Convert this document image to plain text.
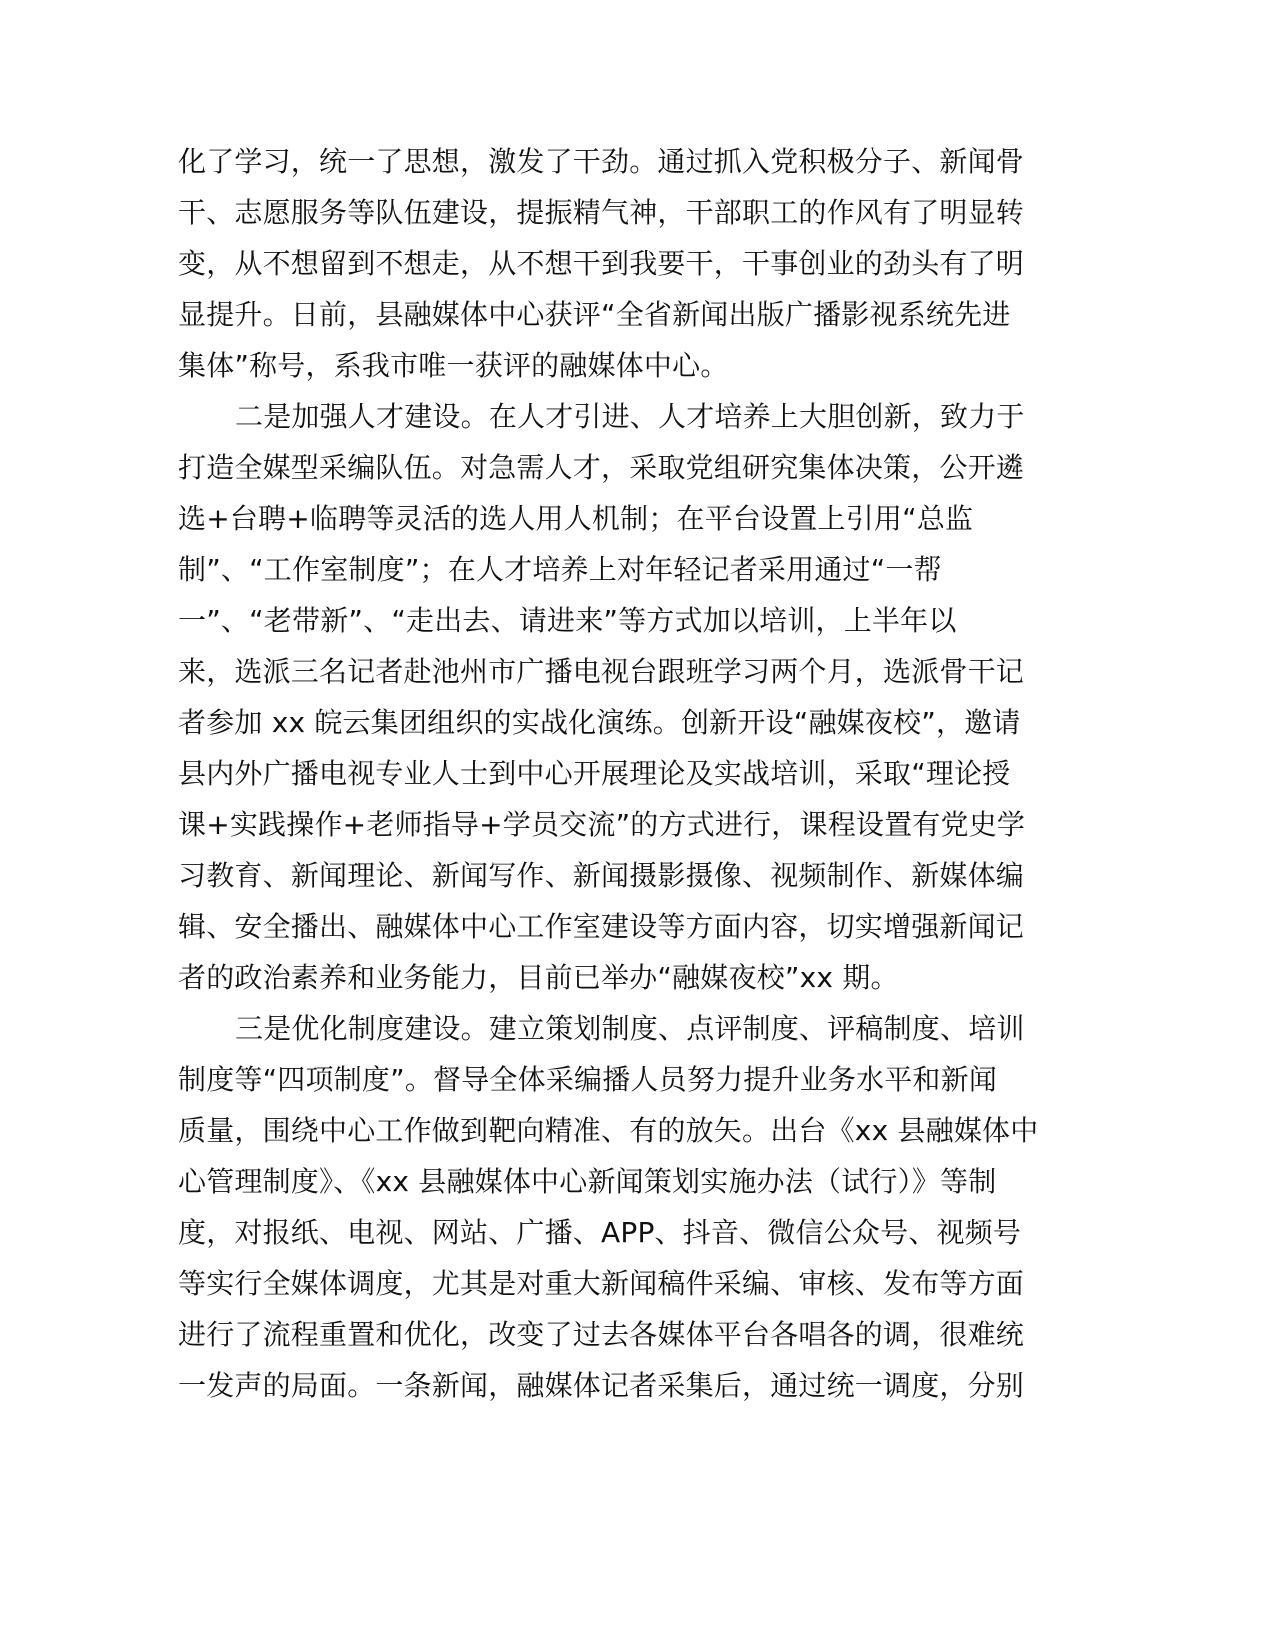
化了学习，统一了思想，激发了干劲。通过抓入党积极分子、新闻骨
干、志愿服务等队伍建设，提振精气神，干部职工的作风有了明显转
变，从不想留到不想走，从不想干到我要干，干事创业的劲头有了明
显提升。日前，县融媒体中心获评“全省新闻出版广播影视系统先进
集体”称号，系我市唯一获评的融媒体中心。
二是加强人才建设。在人才引进、人才培养上大胆创新，致力于
打造全媒型采编队伍。对急需人才，采取党组研究集体决策，公开遴
选+台聘+临聘等灵活的选人用人机制；在平台设置上引用“总监
制”、“工作室制度”；在人才培养上对年轻记者采用通过“一帮
一”、“老带新”、“走出去、请进来”等方式加以培训，上半年以
来，选派三名记者赴池州市广播电视台跟班学习两个月，选派骨干记
者参加 xx 皖云集团组织的实战化演练。创新开设“融媒夜校”，邀请
县内外广播电视专业人士到中心开展理论及实战培训，采取“理论授
课+实践操作+老师指导+学员交流”的方式进行，课程设置有党史学
习教育、新闻理论、新闻写作、新闻摄影摄像、视频制作、新媒体编
辑、安全播出、融媒体中心工作室建设等方面内容，切实增强新闻记
者的政治素养和业务能力，目前已举办“融媒夜校”xx 期。
三是优化制度建设。建立策划制度、点评制度、评稿制度、培训
制度等“四项制度”。督导全体采编播人员努力提升业务水平和新闻
质量，围绕中心工作做到靶向精准、有的放矢。出台《xx 县融媒体中
心管理制度》、《xx 县融媒体中心新闻策划实施办法（试行）》等制
度，对报纸、电视、网站、广播、APP、抖音、微信公众号、视频号
等实行全媒体调度，尤其是对重大新闻稿件采编、审核、发布等方面
进行了流程重置和优化，改变了过去各媒体平台各唱各的调，很难统
一发声的局面。一条新闻，融媒体记者采集后，通过统一调度，分别
